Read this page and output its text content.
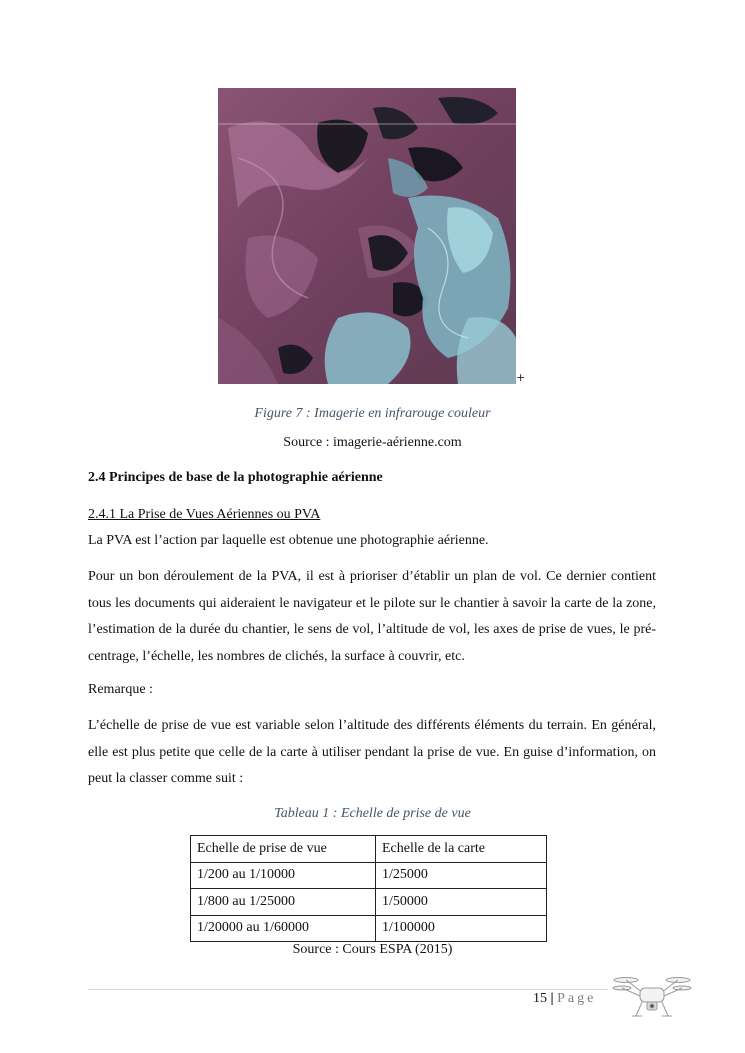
+
Figure 7 : Imagerie en infrarouge couleur
Source : imagerie-aérienne.com
2.4 Principes de base de la photographie aérienne
2.4.1 La Prise de Vues Aériennes ou PVA
La PVA est l’action par laquelle est obtenue une photographie aérienne.
Pour un bon déroulement de la PVA, il est à prioriser d’établir un plan de vol. Ce dernier contient tous les documents qui aideraient le navigateur et le pilote sur le chantier à savoir la carte de la zone, l’estimation de la durée du chantier, le sens de vol, l’altitude de vol, les axes de prise de vues, le pré-centrage, l’échelle, les nombres de clichés, la surface à couvrir, etc.
Remarque :
L’échelle de prise de vue est variable selon l’altitude des différents éléments du terrain. En général, elle est plus petite que celle de la carte à utiliser pendant la prise de vue. En guise d’information, on peut la classer comme suit :
Tableau 1 : Echelle de prise de vue
Echelle de prise de vue	Echelle de la carte
1/200 au 1/10000	1/25000
1/800 au 1/25000	1/50000
1/20000 au 1/60000	1/100000
Source : Cours ESPA (2015)
15 | Page
